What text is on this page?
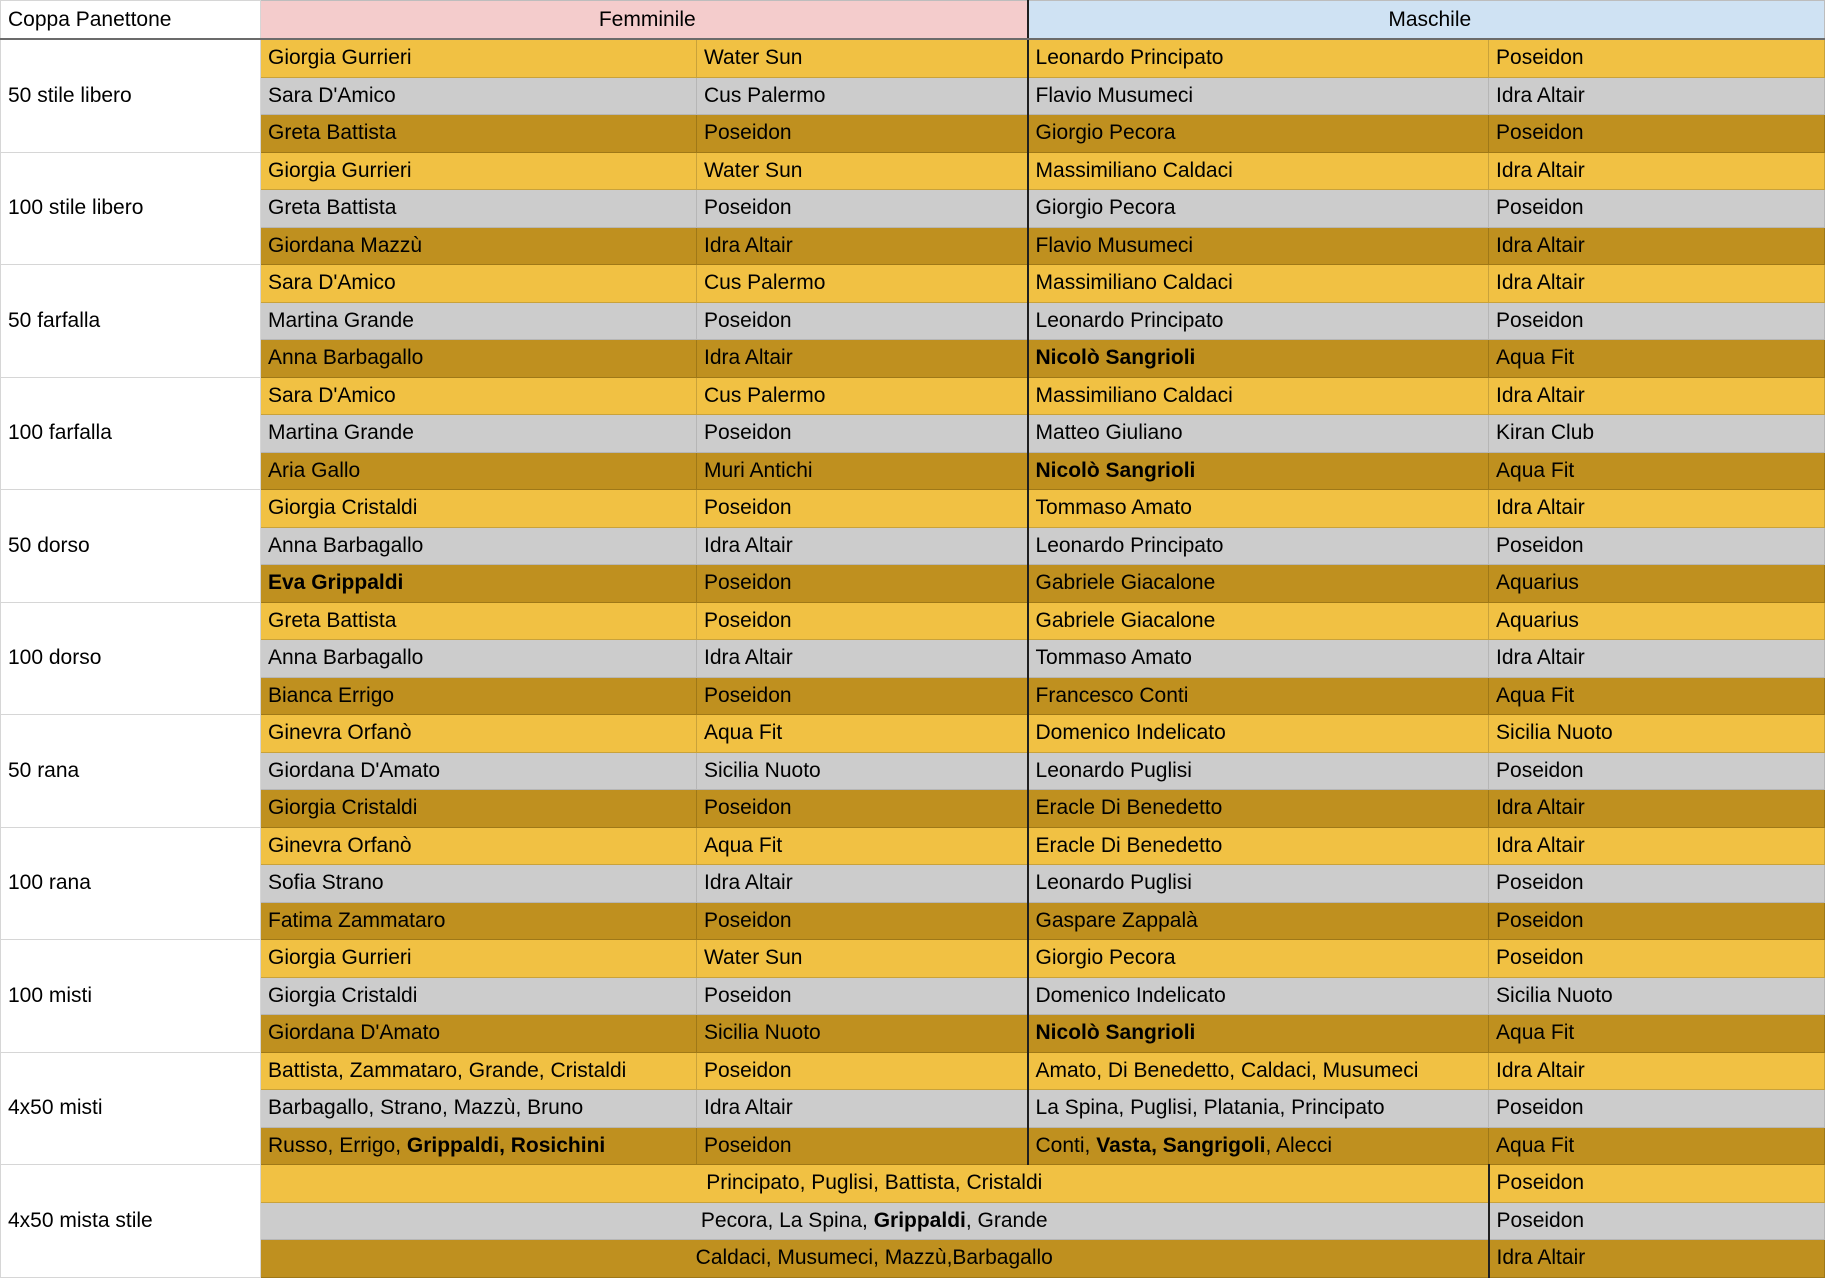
Coppa Panettone	Femminile		Maschile	
50 stile libero	Giorgia Gurrieri	Water Sun	Leonardo Principato	Poseidon
	Sara D'Amico	Cus Palermo	Flavio Musumeci	Idra Altair
	Greta Battista	Poseidon	Giorgio Pecora	Poseidon
100 stile libero	Giorgia Gurrieri	Water Sun	Massimiliano Caldaci	Idra Altair
	Greta Battista	Poseidon	Giorgio Pecora	Poseidon
	Giordana Mazzù	Idra Altair	Flavio Musumeci	Idra Altair
50 farfalla	Sara D'Amico	Cus Palermo	Massimiliano Caldaci	Idra Altair
	Martina Grande	Poseidon	Leonardo Principato	Poseidon
	Anna Barbagallo	Idra Altair	Nicolò Sangrioli	Aqua Fit
100 farfalla	Sara D'Amico	Cus Palermo	Massimiliano Caldaci	Idra Altair
	Martina Grande	Poseidon	Matteo Giuliano	Kiran Club
	Aria Gallo	Muri Antichi	Nicolò Sangrioli	Aqua Fit
50 dorso	Giorgia Cristaldi	Poseidon	Tommaso Amato	Idra Altair
	Anna Barbagallo	Idra Altair	Leonardo Principato	Poseidon
	Eva Grippaldi	Poseidon	Gabriele Giacalone	Aquarius
100 dorso	Greta Battista	Poseidon	Gabriele Giacalone	Aquarius
	Anna Barbagallo	Idra Altair	Tommaso Amato	Idra Altair
	Bianca Errigo	Poseidon	Francesco Conti	Aqua Fit
50 rana	Ginevra Orfanò	Aqua Fit	Domenico Indelicato	Sicilia Nuoto
	Giordana D'Amato	Sicilia Nuoto	Leonardo Puglisi	Poseidon
	Giorgia Cristaldi	Poseidon	Eracle Di Benedetto	Idra Altair
100 rana	Ginevra Orfanò	Aqua Fit	Eracle Di Benedetto	Idra Altair
	Sofia Strano	Idra Altair	Leonardo Puglisi	Poseidon
	Fatima Zammataro	Poseidon	Gaspare Zappalà	Poseidon
100 misti	Giorgia Gurrieri	Water Sun	Giorgio Pecora	Poseidon
	Giorgia Cristaldi	Poseidon	Domenico Indelicato	Sicilia Nuoto
	Giordana D'Amato	Sicilia Nuoto	Nicolò Sangrioli	Aqua Fit
4x50 misti	Battista, Zammataro, Grande, Cristaldi	Poseidon	Amato, Di Benedetto, Caldaci, Musumeci	Idra Altair
	Barbagallo, Strano, Mazzù, Bruno	Idra Altair	La Spina, Puglisi, Platania, Principato	Poseidon
	Russo, Errigo, Grippaldi, Rosichini	Poseidon	Conti, Vasta, Sangrigoli, Alecci	Aqua Fit
4x50 mista stile	Principato, Puglisi, Battista, Cristaldi			Poseidon
	Pecora, La Spina, Grippaldi, Grande			Poseidon
	Caldaci, Musumeci, Mazzù,Barbagallo			Idra Altair
